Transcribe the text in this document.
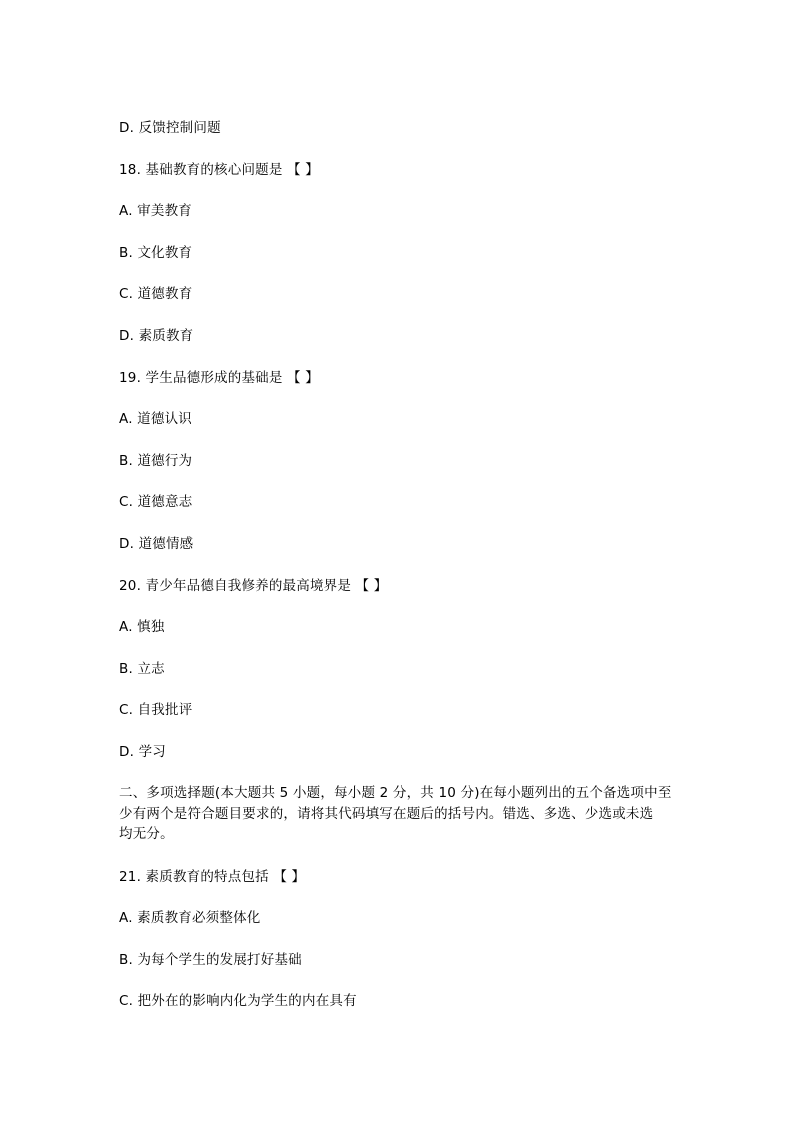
D. 反馈控制问题
18. 基础教育的核心问题是 【 】
A. 审美教育
B. 文化教育
C. 道德教育
D. 素质教育
19. 学生品德形成的基础是 【 】
A. 道德认识
B. 道德行为
C. 道德意志
D. 道德情感
20. 青少年品德自我修养的最高境界是 【 】
A. 慎独
B. 立志
C. 自我批评
D. 学习
二、多项选择题(本大题共 5 小题，每小题 2 分，共 10 分)在每小题列出的五个备选项中至
少有两个是符合题目要求的，请将其代码填写在题后的括号内。错选、多选、少选或未选
均无分。
21. 素质教育的特点包括 【 】
A. 素质教育必须整体化
B. 为每个学生的发展打好基础
C. 把外在的影响内化为学生的内在具有
